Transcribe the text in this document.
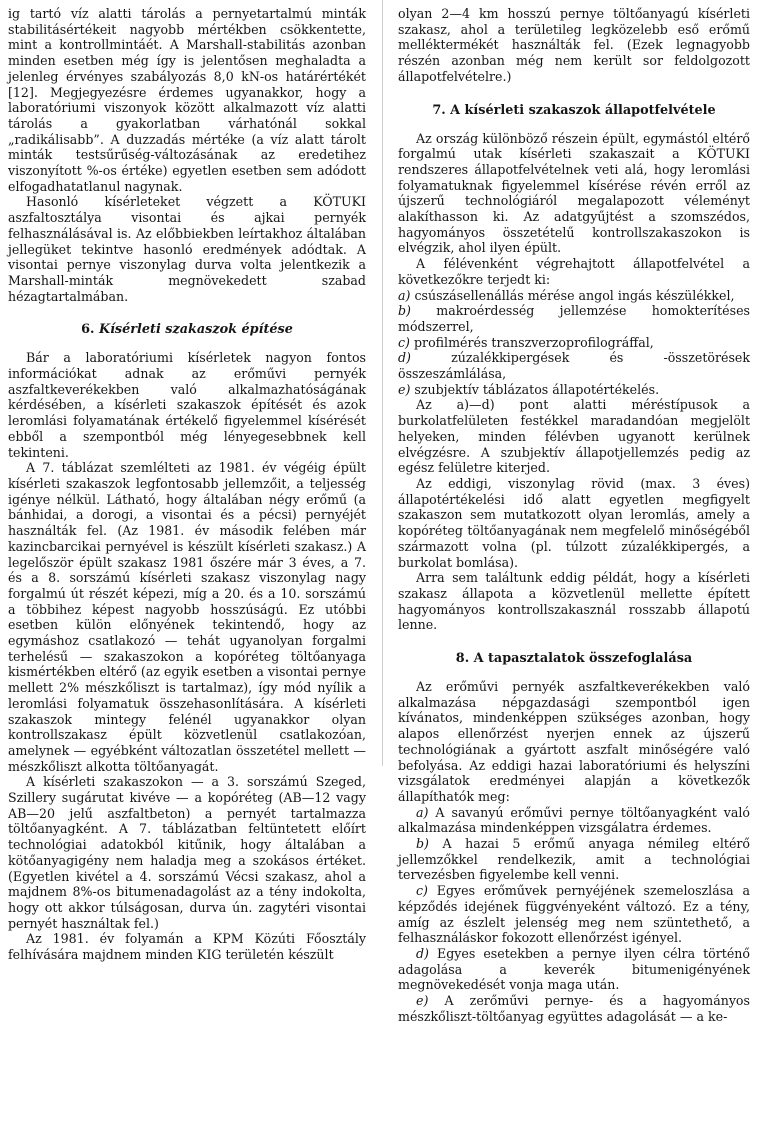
ig tartó víz alatti tárolás a pernyetartalmú minták stabilitásértékeit nagyobb mértékben csökkentette, mint a kontrollmintáét. A Marshall-stabilitás azonban minden esetben még így is jelentősen meghaladta a jelenleg érvényes szabályozás 8,0 kN-os határértékét [12]. Megjegyezésre érdemes ugyanakkor, hogy a laboratóriumi viszonyok között alkalmazott víz alatti tárolás a gyakorlatban várhatónál sokkal „radikálisabb”. A duzzadás mértéke (a víz alatt tárolt minták testsűrűség-változásának az eredetihez viszonyított %-os értéke) egyetlen esetben sem adódott elfogadhatatlanul nagynak.

Hasonló kísérleteket végzett a KÖTUKI aszfaltosztálya visontai és ajkai pernyék felhasználásával is. Az előbbiekben leírtakhoz általában jellegüket tekintve hasonló eredmények adódtak. A visontai pernye viszonylag durva volta jelentkezik a Marshall-minták megnövekedett szabad hézagtartalmában.

6. Kísérleti szakaszok építése

Bár a laboratóriumi kísérletek nagyon fontos információkat adnak az erőművi pernyék aszfaltkeverékekben való alkalmazhatóságának kérdésében, a kísérleti szakaszok építését és azok leromlási folyamatának értékelő figyelemmel kísérését ebből a szempontból még lényegesebbnek kell tekinteni.

A 7. táblázat szemlélteti az 1981. év végéig épült kísérleti szakaszok legfontosabb jellemzőit, a teljesség igénye nélkül. Látható, hogy általában négy erőmű (a bánhidai, a dorogi, a visontai és a pécsi) pernyéjét használták fel. (Az 1981. év második felében már kazincbarcikai pernyével is készült kísérleti szakasz.) A legelőször épült szakasz 1981 őszére már 3 éves, a 7. és a 8. sorszámú kísérleti szakasz viszonylag nagy forgalmú út részét képezi, míg a 20. és a 10. sorszámú a többihez képest nagyobb hosszúságú. Ez utóbbi esetben külön előnyének tekintendő, hogy az egymáshoz csatlakozó — tehát ugyanolyan forgalmi terhelésű — szakaszokon a kopóréteg töltőanyaga kismértékben eltérő (az egyik esetben a visontai pernye mellett 2% mészkőliszt is tartalmaz), így mód nyílik a leromlási folyamatuk összehasonlítására. A kísérleti szakaszok mintegy felénél ugyanakkor olyan kontrollszakasz épült közvetlenül csatlakozóan, amelynek — egyébként változatlan összetétel mellett — mészkőliszt alkotta töltőanyagát.

A kísérleti szakaszokon — a 3. sorszámú Szeged, Szillery sugárutat kivéve — a kopóréteg (AB—12 vagy AB—20 jelű aszfaltbeton) a pernyét tartalmazza töltőanyagként. A 7. táblázatban feltüntetett előírt technológiai adatokból kitűnik, hogy általában a kötőanyagigény nem haladja meg a szokásos értéket. (Egyetlen kivétel a 4. sorszámú Vécsi szakasz, ahol a majdnem 8%-os bitumenadagolást az a tény indokolta, hogy ott akkor túlságosan, durva ún. zagytéri visontai pernyét használtak fel.)

Az 1981. év folyamán a KPM Közúti Főosztály felhívására majdnem minden KIG területén készült

olyan 2—4 km hosszú pernye töltőanyagú kísérleti szakasz, ahol a területileg legközelebb eső erőmű melléktermékét használták fel. (Ezek legnagyobb részén azonban még nem került sor feldolgozott állapotfelvételre.)

7. A kísérleti szakaszok állapotfelvétele

Az ország különböző részein épült, egymástól eltérő forgalmú utak kísérleti szakaszait a KÖTUKI rendszeres állapotfelvételnek veti alá, hogy leromlási folyamatuknak figyelemmel kísérése révén erről az újszerű technológiáról megalapozott véleményt alakíthasson ki. Az adatgyűjtést a szomszédos, hagyományos összetételű kontrollszakaszokon is elvégzik, ahol ilyen épült.

A félévenként végrehajtott állapotfelvétel a következőkre terjedt ki:

a) csúszásellenállás mérése angol ingás készülékkel,

b) makroérdesség jellemzése homokterítéses módszerrel,

c) profilmérés transzverzoprofilográffal,

d)	zúzalékkipergések és -összetörések összeszámlálása,

e) szubjektív táblázatos állapotértékelés.

Az a)—d) pont alatti méréstípusok a burkolatfelületen festékkel maradandóan megjelölt helyeken, minden félévben ugyanott kerülnek elvégzésre. A szubjektív állapotjellemzés pedig az egész felületre kiterjed.

Az eddigi, viszonylag rövid (max. 3 éves) állapotértékelési idő alatt egyetlen megfigyelt szakaszon sem mutatkozott olyan leromlás, amely a kopóréteg töltőanyagának nem megfelelő minőségéből származott volna (pl. túlzott zúzalékkipergés, a burkolat bomlása).

Arra sem találtunk eddig példát, hogy a kísérleti szakasz állapota a közvetlenül mellette épített hagyományos kontrollszakasznál rosszabb állapotú lenne.

8. A tapasztalatok összefoglalása

Az erőművi pernyék aszfaltkeverékekben való alkalmazása népgazdasági szempontból igen kívánatos, mindenképpen szükséges azonban, hogy alapos ellenőrzést nyerjen ennek az újszerű technológiának a gyártott aszfalt minőségére való befolyása. Az eddigi hazai laboratóriumi és helyszíni vizsgálatok eredményei alapján a következők állapíthatók meg:

a) A savanyú erőművi pernye töltőanyagként való alkalmazása mindenképpen vizsgálatra érdemes.

b) A hazai 5 erőmű anyaga némileg eltérő jellemzőkkel rendelkezik, amit a technológiai tervezésben figyelembe kell venni.

c) Egyes erőművek pernyéjének szemeloszlása a képződés idejének függvényeként változó. Ez a tény, amíg az észlelt jelenség meg nem szüntethető, a felhasználáskor fokozott ellenőrzést igényel.

d) Egyes esetekben a pernye ilyen célra történő adagolása a keverék bitumenigényének megnövekedését vonja maga után.

e) A zerőművi pernye- és a hagyományos mészkőliszt-töltőanyag együttes adagolását — a ke-
